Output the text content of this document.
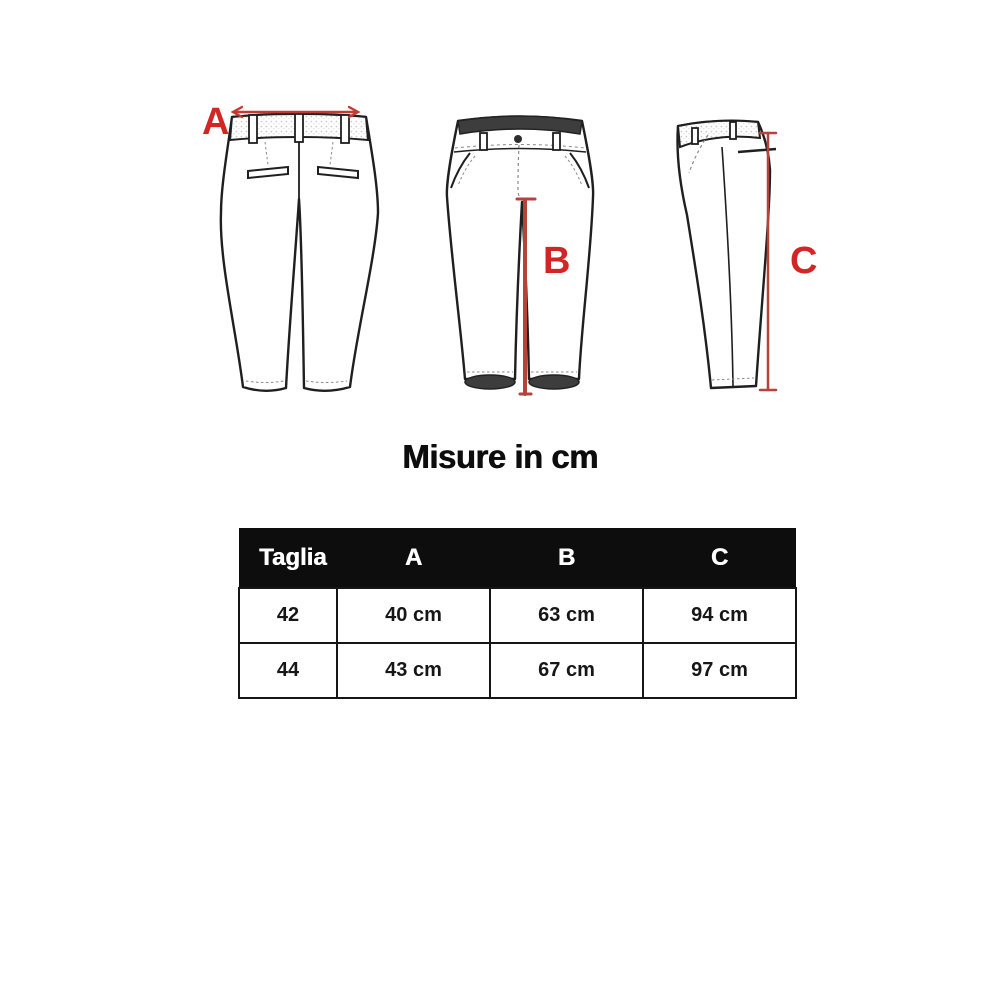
A
B	C
Misure in cm
Taglia	A	B	C
42	40 cm	63 cm	94 cm
44	43 cm	67 cm	97 cm
